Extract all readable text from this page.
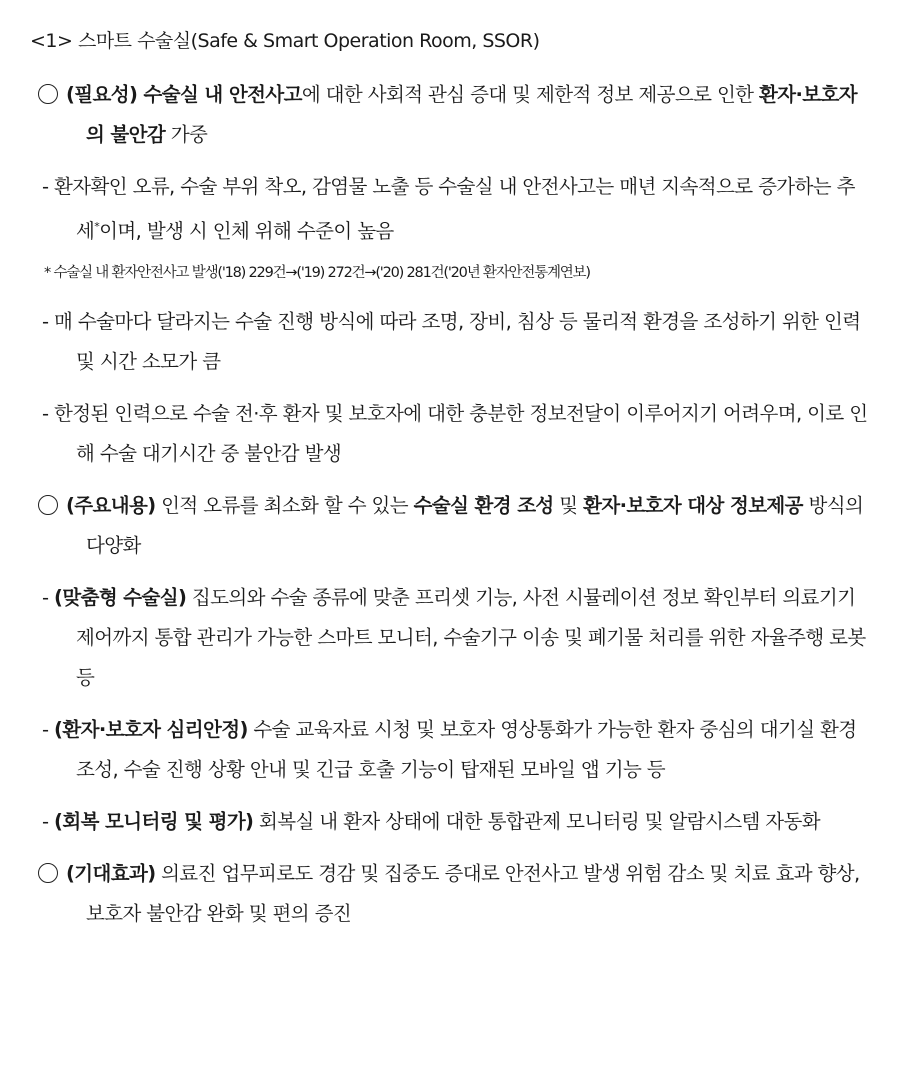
<1> 스마트 수술실(Safe & Smart Operation Room, SSOR)
(필요성) 수술실 내 안전사고에 대한 사회적 관심 증대 및 제한적 정보 제공으로 인한 환자·보호자의 불안감 가중
- 환자확인 오류, 수술 부위 착오, 감염물 노출 등 수술실 내 안전사고는 매년 지속적으로 증가하는 추세*이며, 발생 시 인체 위해 수준이 높음
* 수술실 내 환자안전사고 발생('18) 229건→('19) 272건→('20) 281건('20년 환자안전통계연보)
- 매 수술마다 달라지는 수술 진행 방식에 따라 조명, 장비, 침상 등 물리적 환경을 조성하기 위한 인력 및 시간 소모가 큼
- 한정된 인력으로 수술 전·후 환자 및 보호자에 대한 충분한 정보전달이 이루어지기 어려우며, 이로 인해 수술 대기시간 중 불안감 발생
(주요내용) 인적 오류를 최소화 할 수 있는 수술실 환경 조성 및 환자·보호자 대상 정보제공 방식의 다양화
- (맞춤형 수술실) 집도의와 수술 종류에 맞춘 프리셋 기능, 사전 시뮬레이션 정보 확인부터 의료기기 제어까지 통합 관리가 가능한 스마트 모니터, 수술기구 이송 및 폐기물 처리를 위한 자율주행 로봇 등
- (환자·보호자 심리안정) 수술 교육자료 시청 및 보호자 영상통화가 가능한 환자 중심의 대기실 환경 조성, 수술 진행 상황 안내 및 긴급 호출 기능이 탑재된 모바일 앱 기능 등
- (회복 모니터링 및 평가) 회복실 내 환자 상태에 대한 통합관제 모니터링 및 알람시스템 자동화
(기대효과) 의료진 업무피로도 경감 및 집중도 증대로 안전사고 발생 위험 감소 및 치료 효과 향상, 보호자 불안감 완화 및 편의 증진
